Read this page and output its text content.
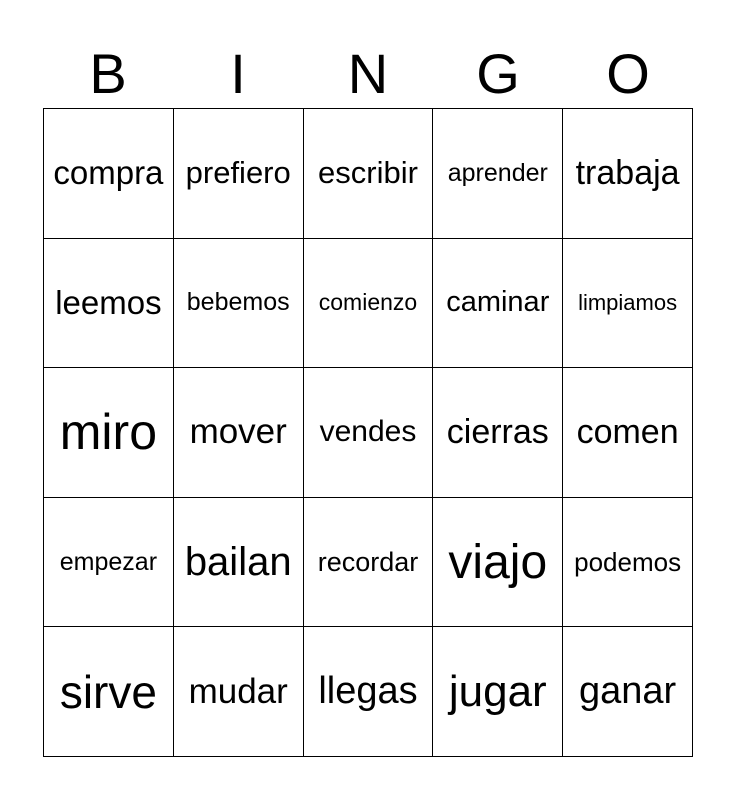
B	I	N	G	O
compra prefiero escribir aprender trabaja
leemos bebemos comienzo caminar limpiamos
miro mover vendes cierras comen
empezar bailan recordar viajo podemos
sirve mudar llegas jugar ganar
